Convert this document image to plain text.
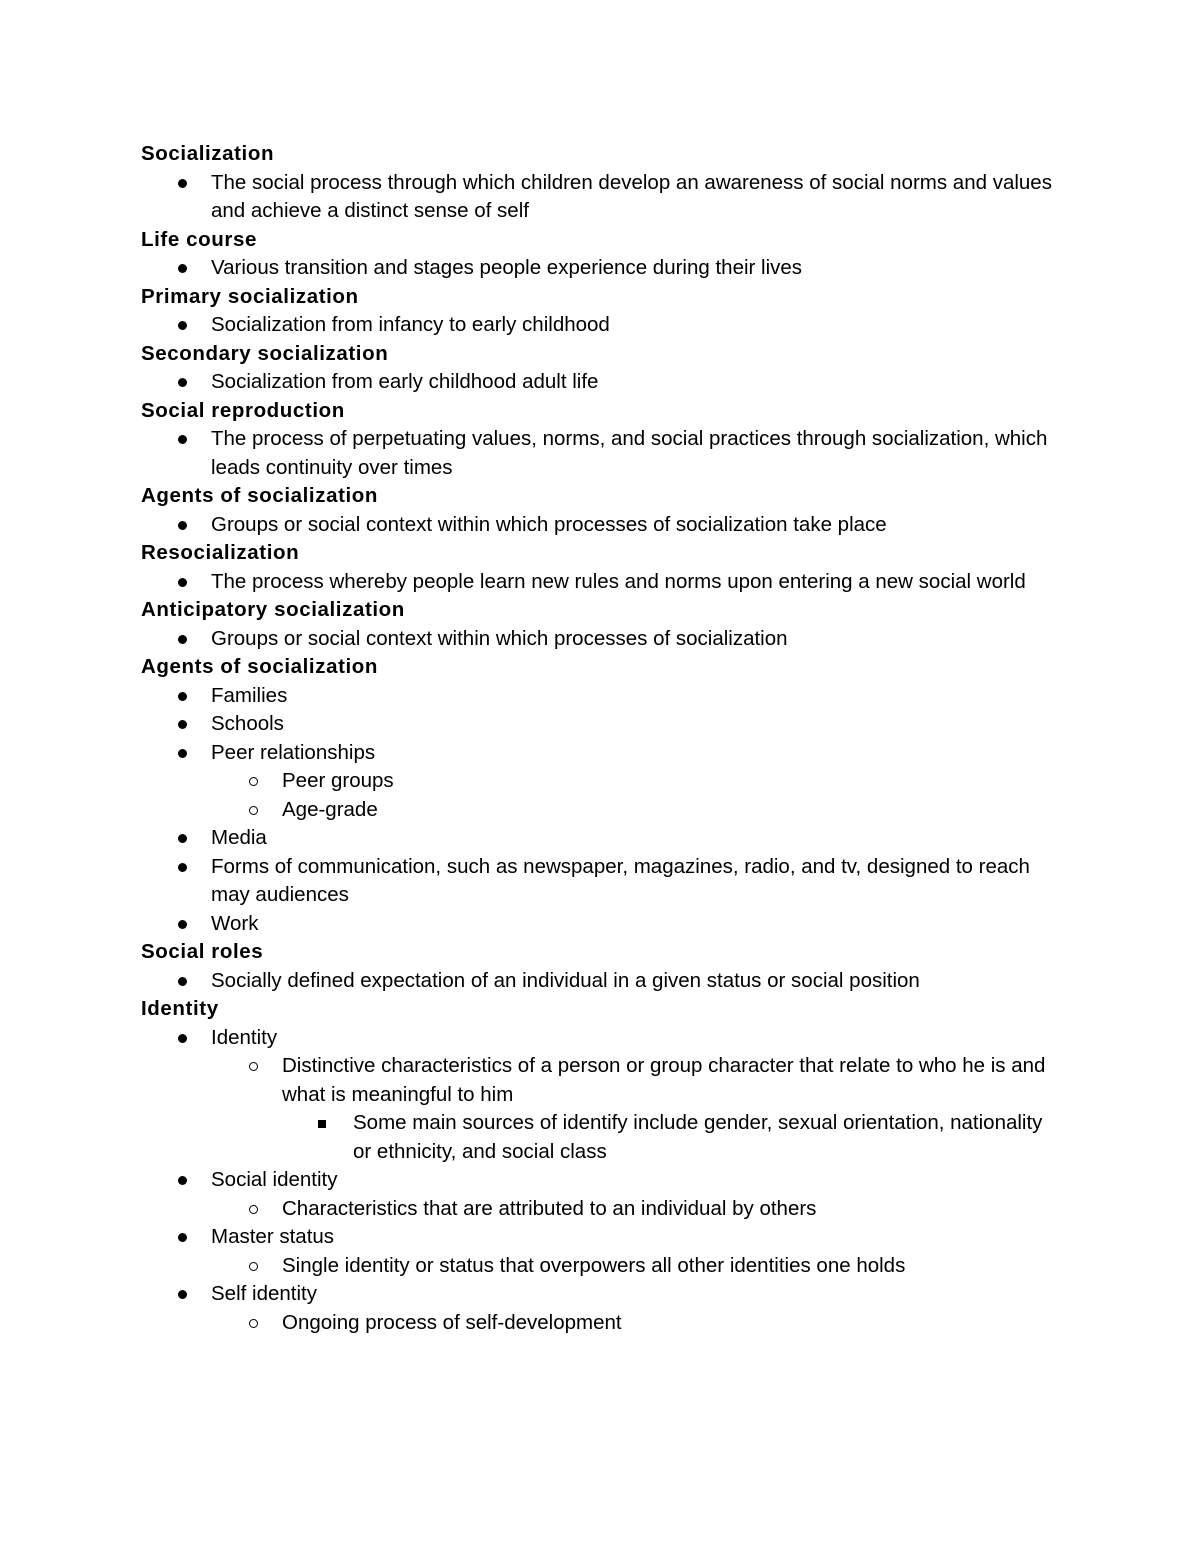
Socialization
The social process through which children develop an awareness of social norms and values and achieve a distinct sense of self
Life course
Various transition and stages people experience during their lives
Primary socialization
Socialization from infancy to early childhood
Secondary socialization
Socialization from early childhood adult life
Social reproduction
The process of perpetuating values, norms, and social practices through socialization, which leads continuity over times
Agents of socialization
Groups or social context within which processes of socialization take place
Resocialization
The process whereby people learn new rules and norms upon entering a new social world
Anticipatory socialization
Groups or social context within which processes of socialization
Agents of socialization
Families
Schools
Peer relationships
Peer groups
Age-grade
Media
Forms of communication, such as newspaper, magazines, radio, and tv, designed to reach may audiences
Work
Social roles
Socially defined expectation of an individual in a given status or social position
Identity
Identity
Distinctive characteristics of a person or group character that relate to who he is and what is meaningful to him
Some main sources of identify include gender, sexual orientation, nationality or ethnicity, and social class
Social identity
Characteristics that are attributed to an individual by others
Master status
Single identity or status that overpowers all other identities one holds
Self identity
Ongoing process of self-development
